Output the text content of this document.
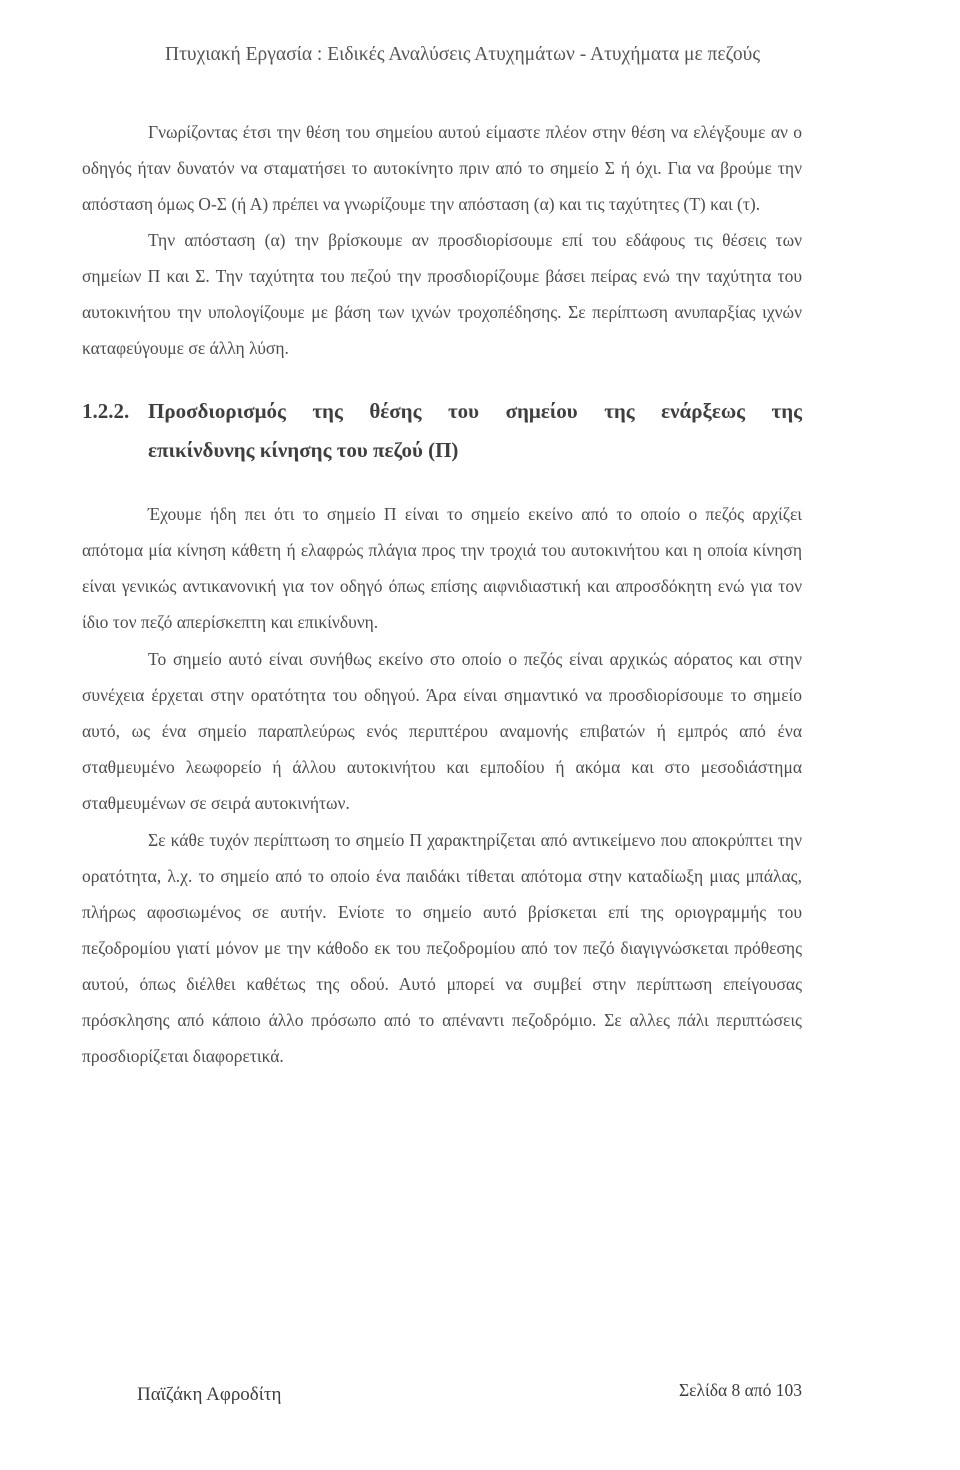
Πτυχιακή Εργασία : Ειδικές Αναλύσεις Ατυχημάτων - Ατυχήματα με πεζούς

Γνωρίζοντας έτσι την θέση του σημείου αυτού είμαστε πλέον στην θέση να ελέγξουμε αν ο οδηγός ήταν δυνατόν να σταματήσει το αυτοκίνητο πριν από το σημείο Σ ή όχι. Για να βρούμε την απόσταση όμως Ο-Σ (ή Α) πρέπει να γνωρίζουμε την απόσταση (α) και τις ταχύτητες (Τ) και (τ).

Την απόσταση (α) την βρίσκουμε αν προσδιορίσουμε επί του εδάφους τις θέσεις των σημείων Π και Σ. Την ταχύτητα του πεζού την προσδιορίζουμε βάσει πείρας ενώ την ταχύτητα του αυτοκινήτου την υπολογίζουμε με βάση των ιχνών τροχοπέδησης. Σε περίπτωση ανυπαρξίας ιχνών καταφεύγουμε σε άλλη λύση.

1.2.2. Προσδιορισμός της θέσης του σημείου της ενάρξεως της
επικίνδυνης κίνησης του πεζού (Π)

Έχουμε ήδη πει ότι το σημείο Π είναι το σημείο εκείνο από το οποίο ο πεζός αρχίζει απότομα μία κίνηση κάθετη ή ελαφρώς πλάγια προς την τροχιά του αυτοκινήτου και η οποία κίνηση είναι γενικώς αντικανονική για τον οδηγό όπως επίσης αιφνιδιαστική και απροσδόκητη ενώ για τον ίδιο τον πεζό απερίσκεπτη και επικίνδυνη.

Το σημείο αυτό είναι συνήθως εκείνο στο οποίο ο πεζός είναι αρχικώς αόρατος και στην συνέχεια έρχεται στην ορατότητα του οδηγού. Άρα είναι σημαντικό να προσδιορίσουμε το σημείο αυτό, ως ένα σημείο παραπλεύρως ενός περιπτέρου αναμονής επιβατών ή εμπρός από ένα σταθμευμένο λεωφορείο ή άλλου αυτοκινήτου και εμποδίου ή ακόμα και στο μεσοδιάστημα σταθμευμένων σε σειρά αυτοκινήτων.

Σε κάθε τυχόν περίπτωση το σημείο Π χαρακτηρίζεται από αντικείμενο που αποκρύπτει την ορατότητα, λ.χ. το σημείο από το οποίο ένα παιδάκι τίθεται απότομα στην καταδίωξη μιας μπάλας, πλήρως αφοσιωμένος σε αυτήν. Ενίοτε το σημείο αυτό βρίσκεται επί της οριογραμμής του πεζοδρομίου γιατί μόνον με την κάθοδο εκ του πεζοδρομίου από τον πεζό διαγιγνώσκεται πρόθεσης αυτού, όπως διέλθει καθέτως της οδού. Αυτό μπορεί να συμβεί στην περίπτωση επείγουσας πρόσκλησης από κάποιο άλλο πρόσωπο από το απέναντι πεζοδρόμιο. Σε αλλες πάλι περιπτώσεις προσδιορίζεται διαφορετικά.

Παϊζάκη Αφροδίτη	Σελίδα 8 από 103
